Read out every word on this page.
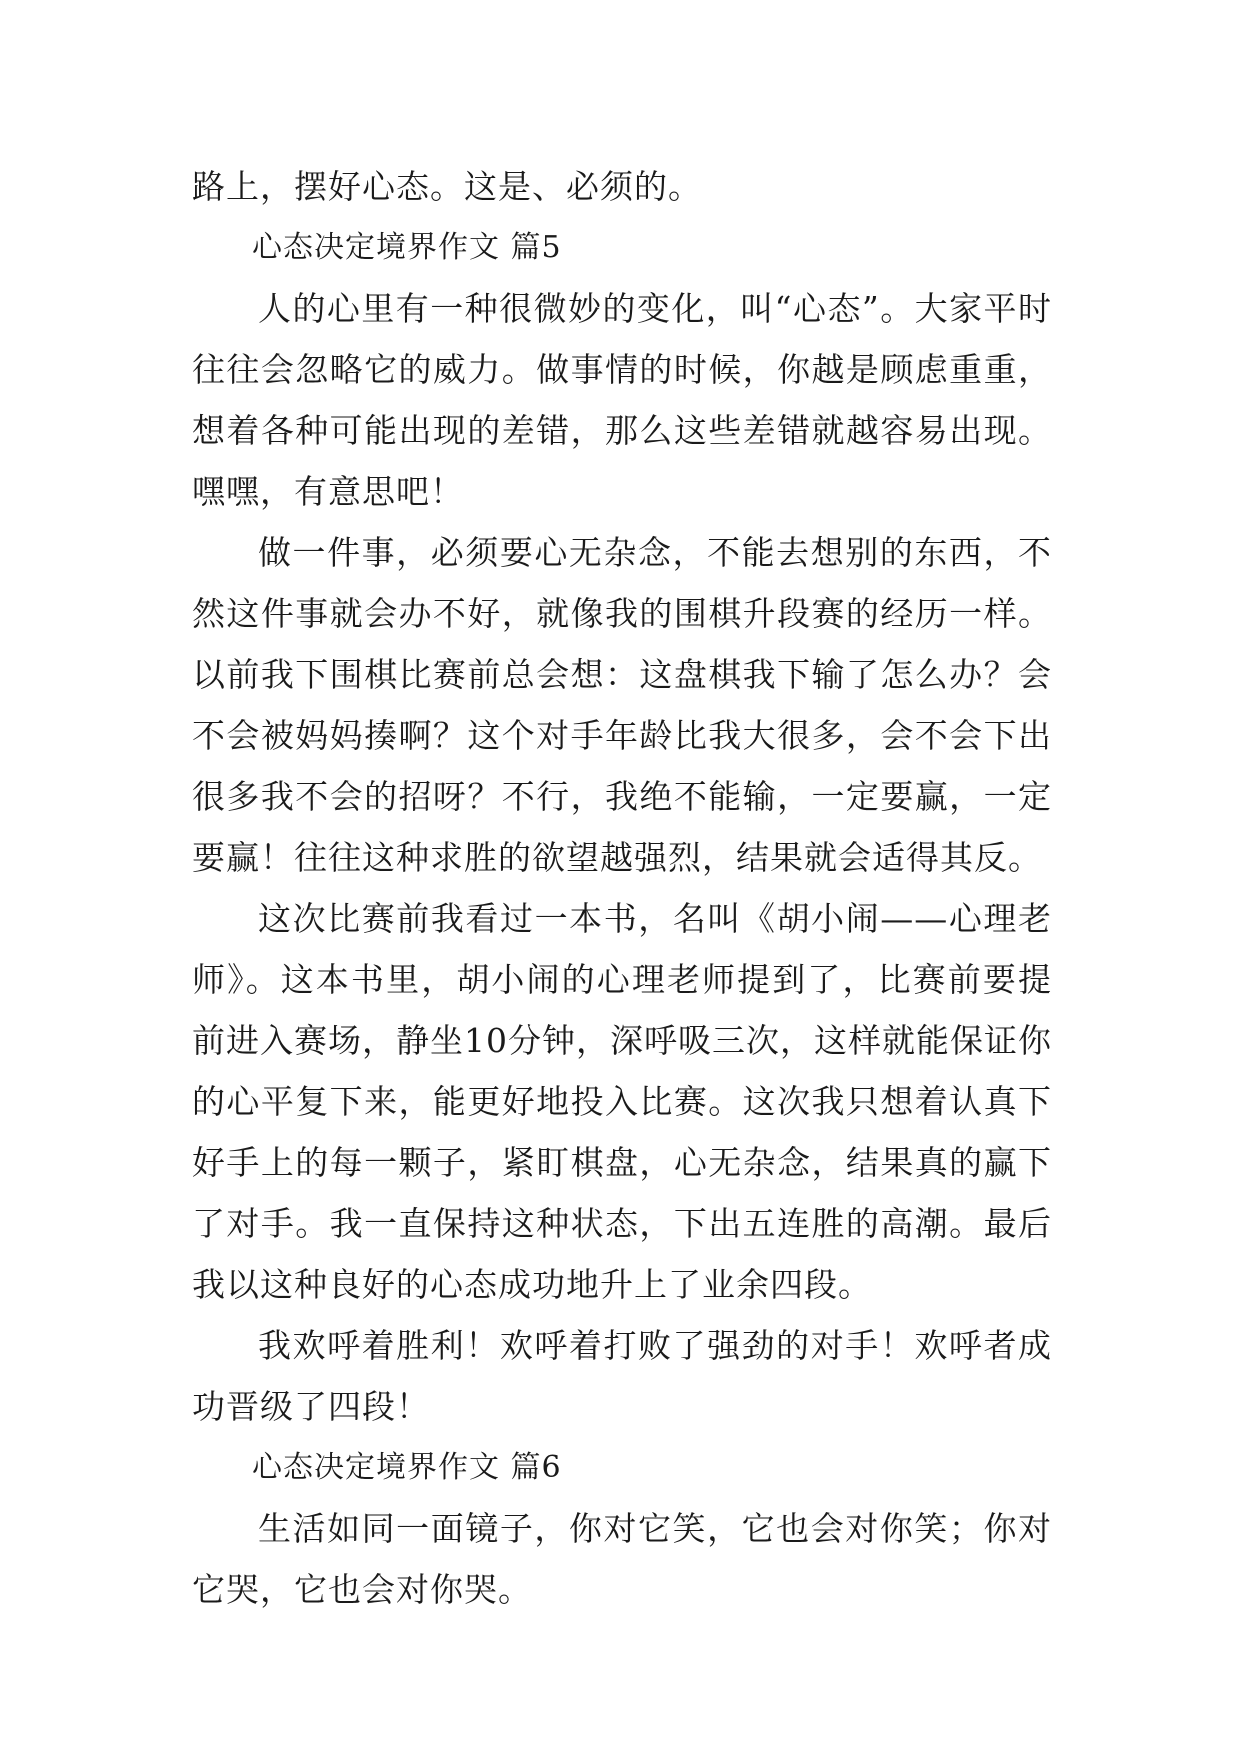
路上，摆好心态。这是、必须的。

心态决定境界作文 篇5

人的心里有一种很微妙的变化，叫“心态”。大家平时往往会忽略它的威力。做事情的时候，你越是顾虑重重，想着各种可能出现的差错，那么这些差错就越容易出现。嘿嘿，有意思吧！

做一件事，必须要心无杂念，不能去想别的东西，不然这件事就会办不好，就像我的围棋升段赛的经历一样。以前我下围棋比赛前总会想：这盘棋我下输了怎么办？会不会被妈妈揍啊？这个对手年龄比我大很多，会不会下出很多我不会的招呀？不行，我绝不能输，一定要赢，一定要赢！往往这种求胜的欲望越强烈，结果就会适得其反。

这次比赛前我看过一本书，名叫《胡小闹——心理老师》。这本书里，胡小闹的心理老师提到了，比赛前要提前进入赛场，静坐10分钟，深呼吸三次，这样就能保证你的心平复下来，能更好地投入比赛。这次我只想着认真下好手上的每一颗子，紧盯棋盘，心无杂念，结果真的赢下了对手。我一直保持这种状态，下出五连胜的高潮。最后我以这种良好的心态成功地升上了业余四段。

我欢呼着胜利！欢呼着打败了强劲的对手！欢呼者成功晋级了四段！

心态决定境界作文 篇6

生活如同一面镜子，你对它笑，它也会对你笑；你对它哭，它也会对你哭。
